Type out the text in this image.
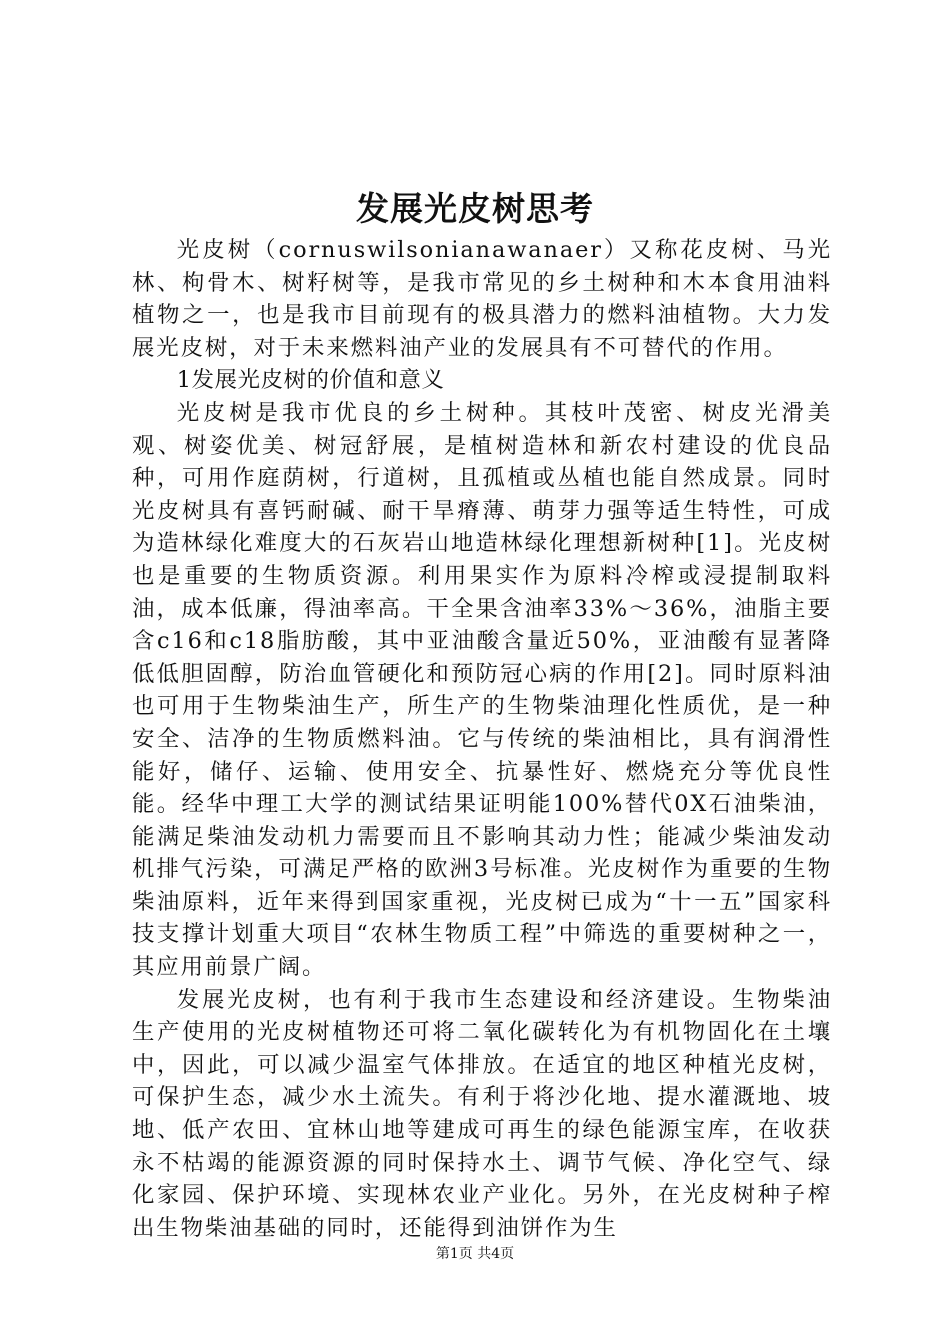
发展光皮树思考

光皮树（cornuswilsonianawanaer）又称花皮树、马光林、枸骨木、树籽树等，是我市常见的乡土树种和木本食用油料植物之一，也是我市目前现有的极具潜力的燃料油植物。大力发展光皮树，对于未来燃料油产业的发展具有不可替代的作用。

1发展光皮树的价值和意义

光皮树是我市优良的乡土树种。其枝叶茂密、树皮光滑美观、树姿优美、树冠舒展，是植树造林和新农村建设的优良品种，可用作庭荫树，行道树，且孤植或丛植也能自然成景。同时光皮树具有喜钙耐碱、耐干旱瘠薄、萌芽力强等适生特性，可成为造林绿化难度大的石灰岩山地造林绿化理想新树种[1]。光皮树也是重要的生物质资源。利用果实作为原料冷榨或浸提制取料油，成本低廉，得油率高。干全果含油率33%～36%，油脂主要含c16和c18脂肪酸，其中亚油酸含量近50%，亚油酸有显著降低低胆固醇，防治血管硬化和预防冠心病的作用[2]。同时原料油也可用于生物柴油生产，所生产的生物柴油理化性质优，是一种安全、洁净的生物质燃料油。它与传统的柴油相比，具有润滑性能好，储仔、运输、使用安全、抗暴性好、燃烧充分等优良性能。经华中理工大学的测试结果证明能100%替代0X石油柴油，能满足柴油发动机力需要而且不影响其动力性；能减少柴油发动机排气污染，可满足严格的欧洲3号标准。光皮树作为重要的生物柴油原料，近年来得到国家重视，光皮树已成为“十一五”国家科技支撑计划重大项目“农林生物质工程”中筛选的重要树种之一，其应用前景广阔。

发展光皮树，也有利于我市生态建设和经济建设。生物柴油生产使用的光皮树植物还可将二氧化碳转化为有机物固化在土壤中，因此，可以减少温室气体排放。在适宜的地区种植光皮树，可保护生态，减少水土流失。有利于将沙化地、提水灌溉地、坡地、低产农田、宜林山地等建成可再生的绿色能源宝库，在收获永不枯竭的能源资源的同时保持水土、调节气候、净化空气、绿化家园、保护环境、实现林农业产业化。另外，在光皮树种子榨出生物柴油基础的同时，还能得到油饼作为生

第1页 共4页
